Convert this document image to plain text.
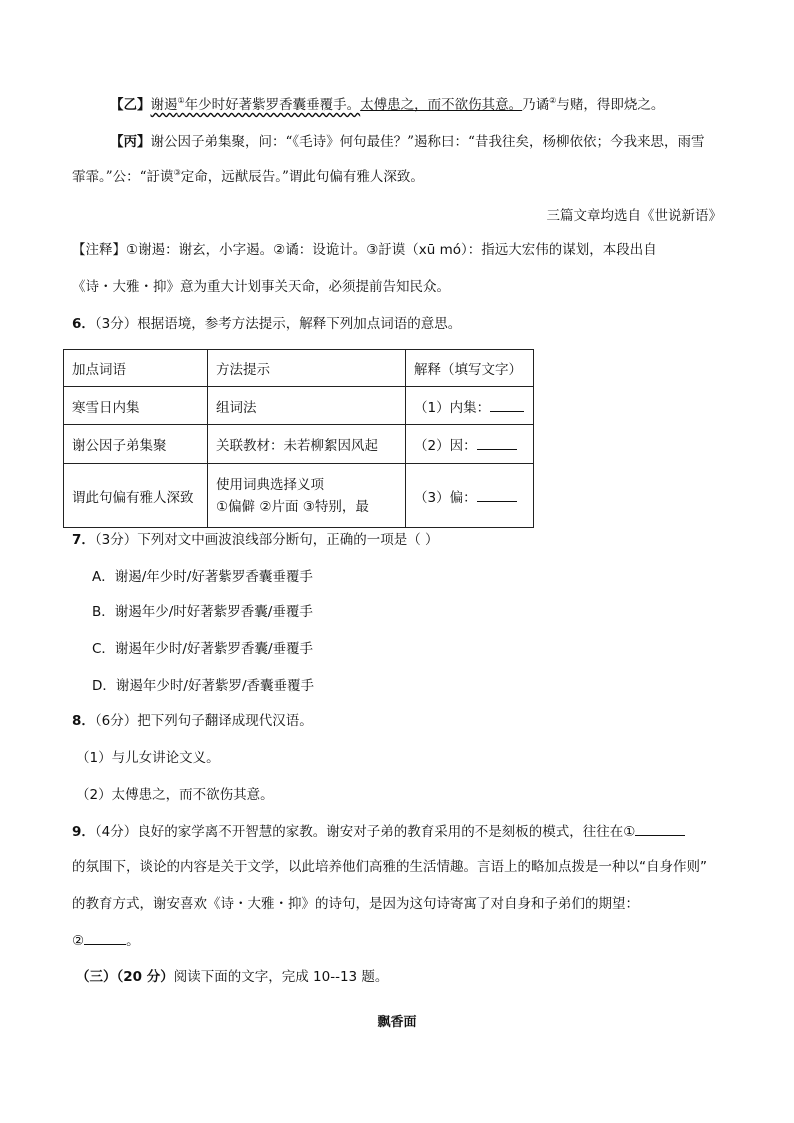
【乙】谢遏①年少时好著紫罗香囊垂覆手。太傅患之，而不欲伤其意。乃谲②与赌，得即烧之。
【丙】谢公因子弟集聚，问：“《毛诗》何句最佳？”遏称曰：“昔我往矣，杨柳依依；今我来思，雨雪
霏霏。”公：“訏谟③定命，远猷辰告。”谓此句偏有雅人深致。
三篇文章均选自《世说新语》
【注释】①谢遏：谢玄，小字遏。②谲：设诡计。③訏谟（xū mó）：指远大宏伟的谋划，本段出自
《诗・大雅・抑》意为重大计划事关天命，必须提前告知民众。
6．（3分）根据语境，参考方法提示，解释下列加点词语的意思。
加点词语	方法提示	解释（填写文字）
寒雪日内集	组词法	（1）内集：
谢公因子弟集聚	关联教材：未若柳絮因风起	（2）因：
谓此句偏有雅人深致	使用词典选择义项
①偏僻 ②片面 ③特别，最	（3）偏：
7．（3分）下列对文中画波浪线部分断句，正确的一项是（ ）
A．谢遏/年少时/好著紫罗香囊垂覆手
B．谢遏年少/时好著紫罗香囊/垂覆手
C．谢遏年少时/好著紫罗香囊/垂覆手
D．谢遏年少时/好著紫罗/香囊垂覆手
8．（6分）把下列句子翻译成现代汉语。
（1）与儿女讲论文义。
（2）太傅患之，而不欲伤其意。
9．（4分）良好的家学离不开智慧的家教。谢安对子弟的教育采用的不是刻板的模式，往往在①
的氛围下，谈论的内容是关于文学，以此培养他们高雅的生活情趣。言语上的略加点拨是一种以“自身作则”
的教育方式，谢安喜欢《诗・大雅・抑》的诗句，是因为这句诗寄寓了对自身和子弟们的期望：
②	。
（三）（20 分）阅读下面的文字，完成 10--13 题。
飘香面
